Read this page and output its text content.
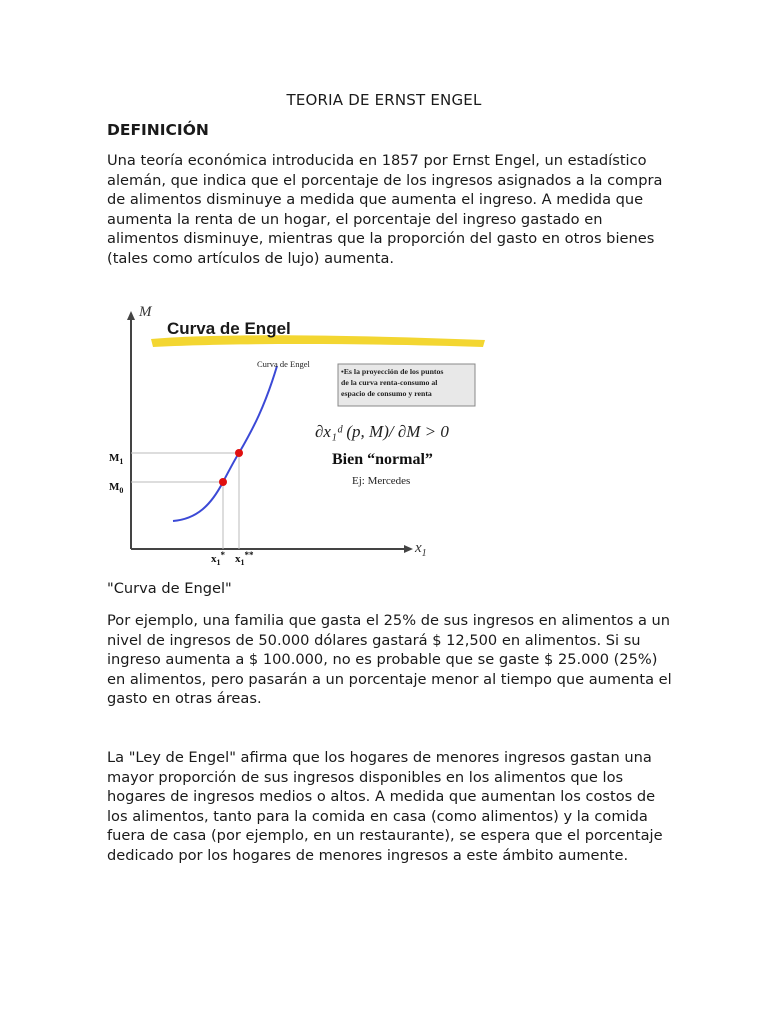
TEORIA DE ERNST ENGEL
DEFINICIÓN

Una teoría económica introducida en 1857 por Ernst Engel, un estadístico alemán, que indica que el porcentaje de los ingresos asignados a la compra de alimentos disminuye a medida que aumenta el ingreso. A medida que aumenta la renta de un hogar, el porcentaje del ingreso gastado en alimentos disminuye, mientras que la proporción del gasto en otros bienes (tales como artículos de lujo) aumenta.

Curva de Engel
M
$x_1$
Curva de Engel
$M_1$
$M_0$
$x_1^*$ $x_1^{**}$
•Es la proyección de los puntos de la curva renta-consumo al espacio de consumo y renta
∂x₁ᵈ (p, M)/ ∂M > 0
Bien “normal”
Ej: Mercedes
"Curva de Engel"

Por ejemplo, una familia que gasta el 25% de sus ingresos en alimentos a un nivel de ingresos de 50.000 dólares gastará $ 12,500 en alimentos. Si su ingreso aumenta a $ 100.000, no es probable que se gaste $ 25.000 (25%) en alimentos, pero pasarán a un porcentaje menor al tiempo que aumenta el gasto en otras áreas.

La "Ley de Engel" afirma que los hogares de menores ingresos gastan una mayor proporción de sus ingresos disponibles en los alimentos que los hogares de ingresos medios o altos. A medida que aumentan los costos de los alimentos, tanto para la comida en casa (como alimentos) y la comida fuera de casa (por ejemplo, en un restaurante), se espera que el porcentaje dedicado por los hogares de menores ingresos a este ámbito aumente.
